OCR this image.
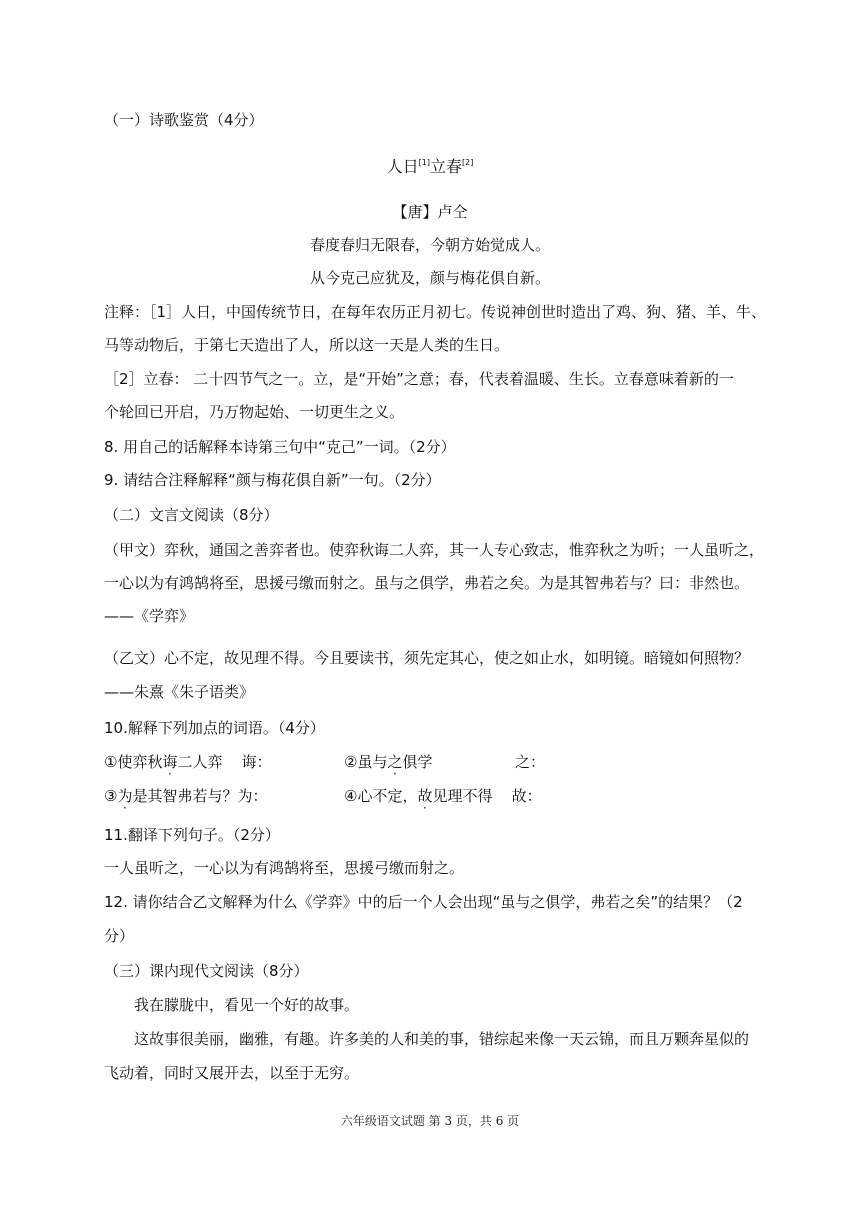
（一）诗歌鉴赏（4分）
人日[1]立春[2]
【唐】卢仝
春度春归无限春，今朝方始觉成人。
从今克己应犹及，颜与梅花俱自新。
注释：［1］人日，中国传统节日，在每年农历正月初七。传说神创世时造出了鸡、狗、猪、羊、牛、
马等动物后，于第七天造出了人，所以这一天是人类的生日。
［2］立春： 二十四节气之一。立，是“开始”之意；春，代表着温暖、生长。立春意味着新的一
个轮回已开启，乃万物起始、一切更生之义。
8. 用自己的话解释本诗第三句中“克己”一词。（2分）
9. 请结合注释解释“颜与梅花俱自新”一句。（2分）
（二）文言文阅读（8分）
（甲文）弈秋，通国之善弈者也。使弈秋诲二人弈，其一人专心致志，惟弈秋之为听；一人虽听之，
一心以为有鸿鹄将至，思援弓缴而射之。虽与之俱学，弗若之矣。为是其智弗若与？曰：非然也。
——《学弈》
（乙文）心不定，故见理不得。今且要读书，须先定其心，使之如止水，如明镜。暗镜如何照物？
——朱熹《朱子语类》
10.解释下列加点的词语。（4分）
①使弈秋诲二人弈 诲：	②虽与之俱学	之：
③为是其智弗若与？为：	④心不定，故见理不得 故：
11.翻译下列句子。（2分）
一人虽听之，一心以为有鸿鹄将至，思援弓缴而射之。
12. 请你结合乙文解释为什么《学弈》中的后一个人会出现“虽与之俱学，弗若之矣”的结果？（2
分）
（三）课内现代文阅读（8分）
我在朦胧中，看见一个好的故事。
这故事很美丽，幽雅，有趣。许多美的人和美的事，错综起来像一天云锦，而且万颗奔星似的
飞动着，同时又展开去，以至于无穷。
六年级语文试题 第 3 页，共 6 页
